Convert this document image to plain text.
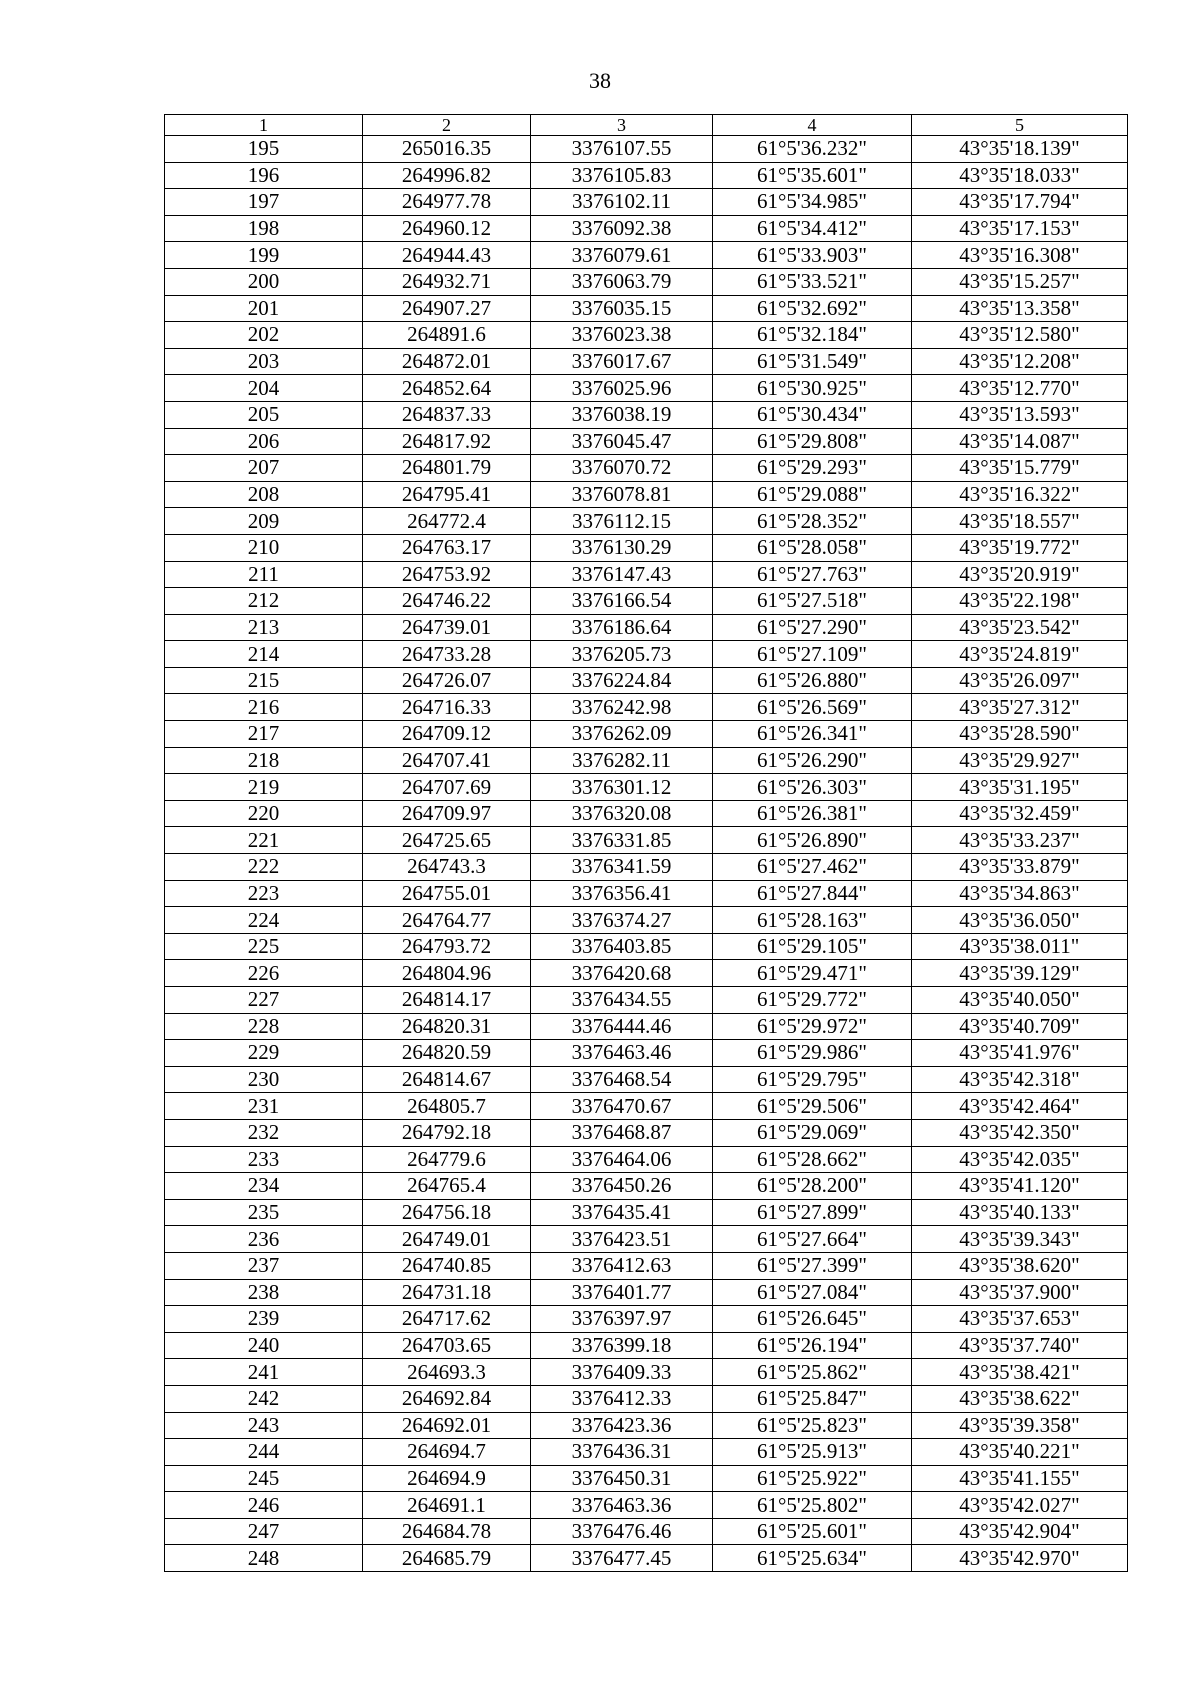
38
1	2	3	4	5
195	265016.35	3376107.55	61°5'36.232"	43°35'18.139"
196	264996.82	3376105.83	61°5'35.601"	43°35'18.033"
197	264977.78	3376102.11	61°5'34.985"	43°35'17.794"
198	264960.12	3376092.38	61°5'34.412"	43°35'17.153"
199	264944.43	3376079.61	61°5'33.903"	43°35'16.308"
200	264932.71	3376063.79	61°5'33.521"	43°35'15.257"
201	264907.27	3376035.15	61°5'32.692"	43°35'13.358"
202	264891.6	3376023.38	61°5'32.184"	43°35'12.580"
203	264872.01	3376017.67	61°5'31.549"	43°35'12.208"
204	264852.64	3376025.96	61°5'30.925"	43°35'12.770"
205	264837.33	3376038.19	61°5'30.434"	43°35'13.593"
206	264817.92	3376045.47	61°5'29.808"	43°35'14.087"
207	264801.79	3376070.72	61°5'29.293"	43°35'15.779"
208	264795.41	3376078.81	61°5'29.088"	43°35'16.322"
209	264772.4	3376112.15	61°5'28.352"	43°35'18.557"
210	264763.17	3376130.29	61°5'28.058"	43°35'19.772"
211	264753.92	3376147.43	61°5'27.763"	43°35'20.919"
212	264746.22	3376166.54	61°5'27.518"	43°35'22.198"
213	264739.01	3376186.64	61°5'27.290"	43°35'23.542"
214	264733.28	3376205.73	61°5'27.109"	43°35'24.819"
215	264726.07	3376224.84	61°5'26.880"	43°35'26.097"
216	264716.33	3376242.98	61°5'26.569"	43°35'27.312"
217	264709.12	3376262.09	61°5'26.341"	43°35'28.590"
218	264707.41	3376282.11	61°5'26.290"	43°35'29.927"
219	264707.69	3376301.12	61°5'26.303"	43°35'31.195"
220	264709.97	3376320.08	61°5'26.381"	43°35'32.459"
221	264725.65	3376331.85	61°5'26.890"	43°35'33.237"
222	264743.3	3376341.59	61°5'27.462"	43°35'33.879"
223	264755.01	3376356.41	61°5'27.844"	43°35'34.863"
224	264764.77	3376374.27	61°5'28.163"	43°35'36.050"
225	264793.72	3376403.85	61°5'29.105"	43°35'38.011"
226	264804.96	3376420.68	61°5'29.471"	43°35'39.129"
227	264814.17	3376434.55	61°5'29.772"	43°35'40.050"
228	264820.31	3376444.46	61°5'29.972"	43°35'40.709"
229	264820.59	3376463.46	61°5'29.986"	43°35'41.976"
230	264814.67	3376468.54	61°5'29.795"	43°35'42.318"
231	264805.7	3376470.67	61°5'29.506"	43°35'42.464"
232	264792.18	3376468.87	61°5'29.069"	43°35'42.350"
233	264779.6	3376464.06	61°5'28.662"	43°35'42.035"
234	264765.4	3376450.26	61°5'28.200"	43°35'41.120"
235	264756.18	3376435.41	61°5'27.899"	43°35'40.133"
236	264749.01	3376423.51	61°5'27.664"	43°35'39.343"
237	264740.85	3376412.63	61°5'27.399"	43°35'38.620"
238	264731.18	3376401.77	61°5'27.084"	43°35'37.900"
239	264717.62	3376397.97	61°5'26.645"	43°35'37.653"
240	264703.65	3376399.18	61°5'26.194"	43°35'37.740"
241	264693.3	3376409.33	61°5'25.862"	43°35'38.421"
242	264692.84	3376412.33	61°5'25.847"	43°35'38.622"
243	264692.01	3376423.36	61°5'25.823"	43°35'39.358"
244	264694.7	3376436.31	61°5'25.913"	43°35'40.221"
245	264694.9	3376450.31	61°5'25.922"	43°35'41.155"
246	264691.1	3376463.36	61°5'25.802"	43°35'42.027"
247	264684.78	3376476.46	61°5'25.601"	43°35'42.904"
248	264685.79	3376477.45	61°5'25.634"	43°35'42.970"
